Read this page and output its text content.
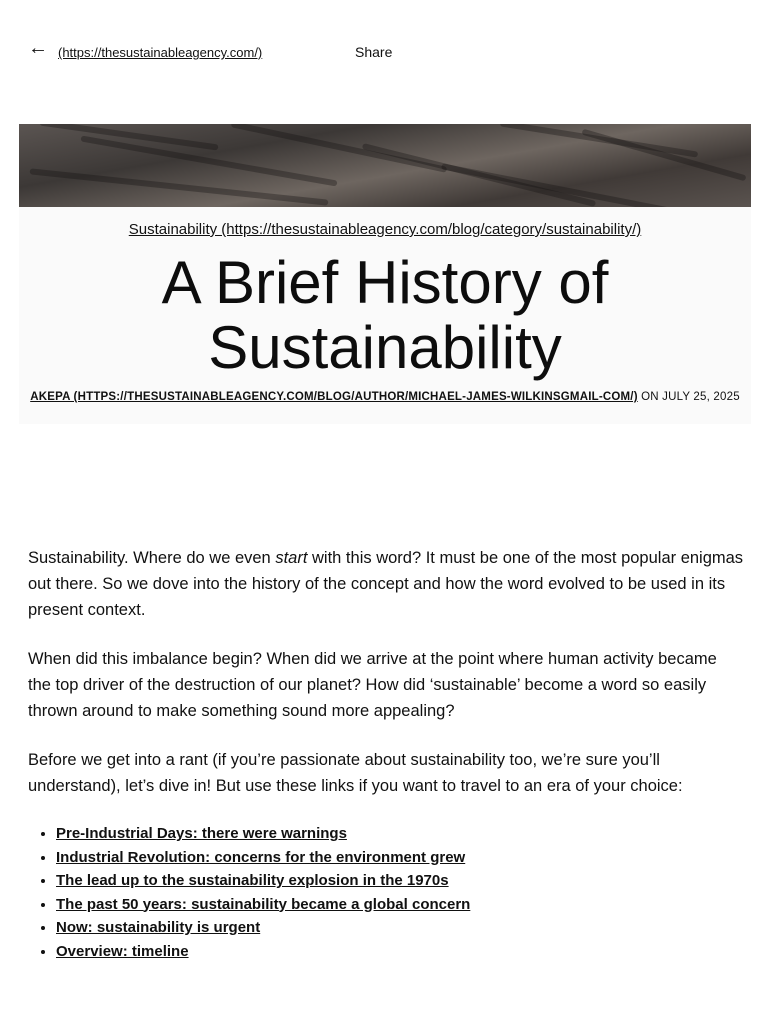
← (https://thesustainableagency.com/)	Share
Sustainability (https://thesustainableagency.com/blog/category/sustainability/)
A Brief History of
Sustainability
AKEPA (HTTPS://THESUSTAINABLEAGENCY.COM/BLOG/AUTHOR/MICHAEL-JAMES-WILKINSGMAIL-COM/) ON JULY 25, 2025

Sustainability. Where do we even start with this word? It must be one of the most popular enigmas out there. So we dove into the history of the concept and how the word evolved to be used in its present context.

When did this imbalance begin? When did we arrive at the point where human activity became the top driver of the destruction of our planet? How did ‘sustainable’ become a word so easily thrown around to make something sound more appealing?

Before we get into a rant (if you’re passionate about sustainability too, we’re sure you’ll understand), let’s dive in! But use these links if you want to travel to an era of your choice:

• Pre-Industrial Days: there were warnings
• Industrial Revolution: concerns for the environment grew
• The lead up to the sustainability explosion in the 1970s
• The past 50 years: sustainability became a global concern
• Now: sustainability is urgent
• Overview: timeline
